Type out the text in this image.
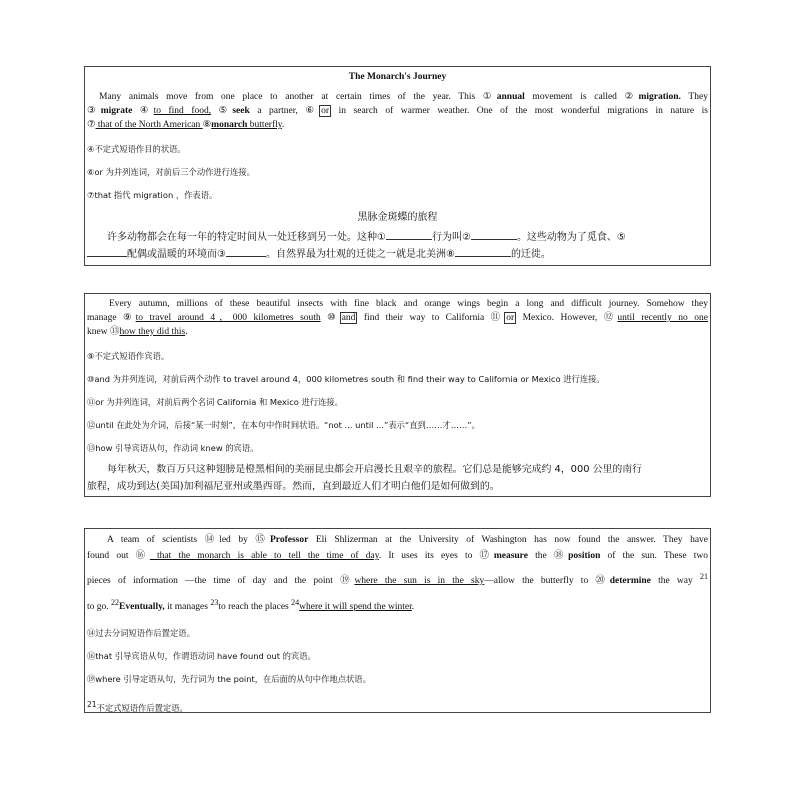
The Monarch's Journey
Many animals move from one place to another at certain times of the year. This ①annual movement is called ②migration. They
③migrate ④to find food, ⑤seek a partner, ⑥ or in search of warmer weather. One of the most wonderful migrations in nature is
⑦ that of the North American ⑧monarch butterfly.
④不定式短语作目的状语。
⑥or 为并列连词，对前后三个动作进行连接。
⑦that 指代 migration ，作表语。
黑脉金斑蝶的旅程
许多动物都会在每一年的特定时间从一处迁移到另一处。这种①	行为叫②	。这些动物为了觅食、⑤
配偶或温暖的环境而③	。自然界最为壮观的迁徙之一就是北美洲⑧	的迁徙。
Every autumn, millions of these beautiful insects with fine black and orange wings begin a long and difficult journey. Somehow they
manage ⑨to travel around 4，000 kilometres south ⑩ and find their way to California ⑪ or Mexico. However, ⑫until recently no one
knew ⑬how they did this.
⑨不定式短语作宾语。
⑩and 为并列连词，对前后两个动作 to travel around 4，000 kilometres south 和 find their way to California or Mexico 进行连接。
⑪or 为并列连词，对前后两个名词 California 和 Mexico 进行连接。
⑫until 在此处为介词，后接“某一时刻”，在本句中作时间状语。“not ... until ...”表示“直到……才……”。
⑬how 引导宾语从句，作动词 knew 的宾语。
每年秋天，数百万只这种翅膀是橙黑相间的美丽昆虫都会开启漫长且艰辛的旅程。它们总是能够完成约 4，000 公里的南行
旅程，成功到达(美国)加利福尼亚州或墨西哥。然而，直到最近人们才明白他们是如何做到的。
A team of scientists ⑭led by ⑮Professor Eli Shlizerman at the University of Washington has now found the answer. They have
found out ⑯ that the monarch is able to tell the time of day. It uses its eyes to ⑰measure the ⑱position of the sun. These two
pieces of information —the time of day and the point ⑲where the sun is in the sky—allow the butterfly to ⑳determine the way $^{21}$
to go. $^{22}$Eventually, it manages $^{23}$to reach the places $^{24}$where it will spend the winter.
⑭过去分词短语作后置定语。
⑯that 引导宾语从句，作谓语动词 have found out 的宾语。
⑲where 引导定语从句，先行词为 the point，在后面的从句中作地点状语。
21不定式短语作后置定语。
